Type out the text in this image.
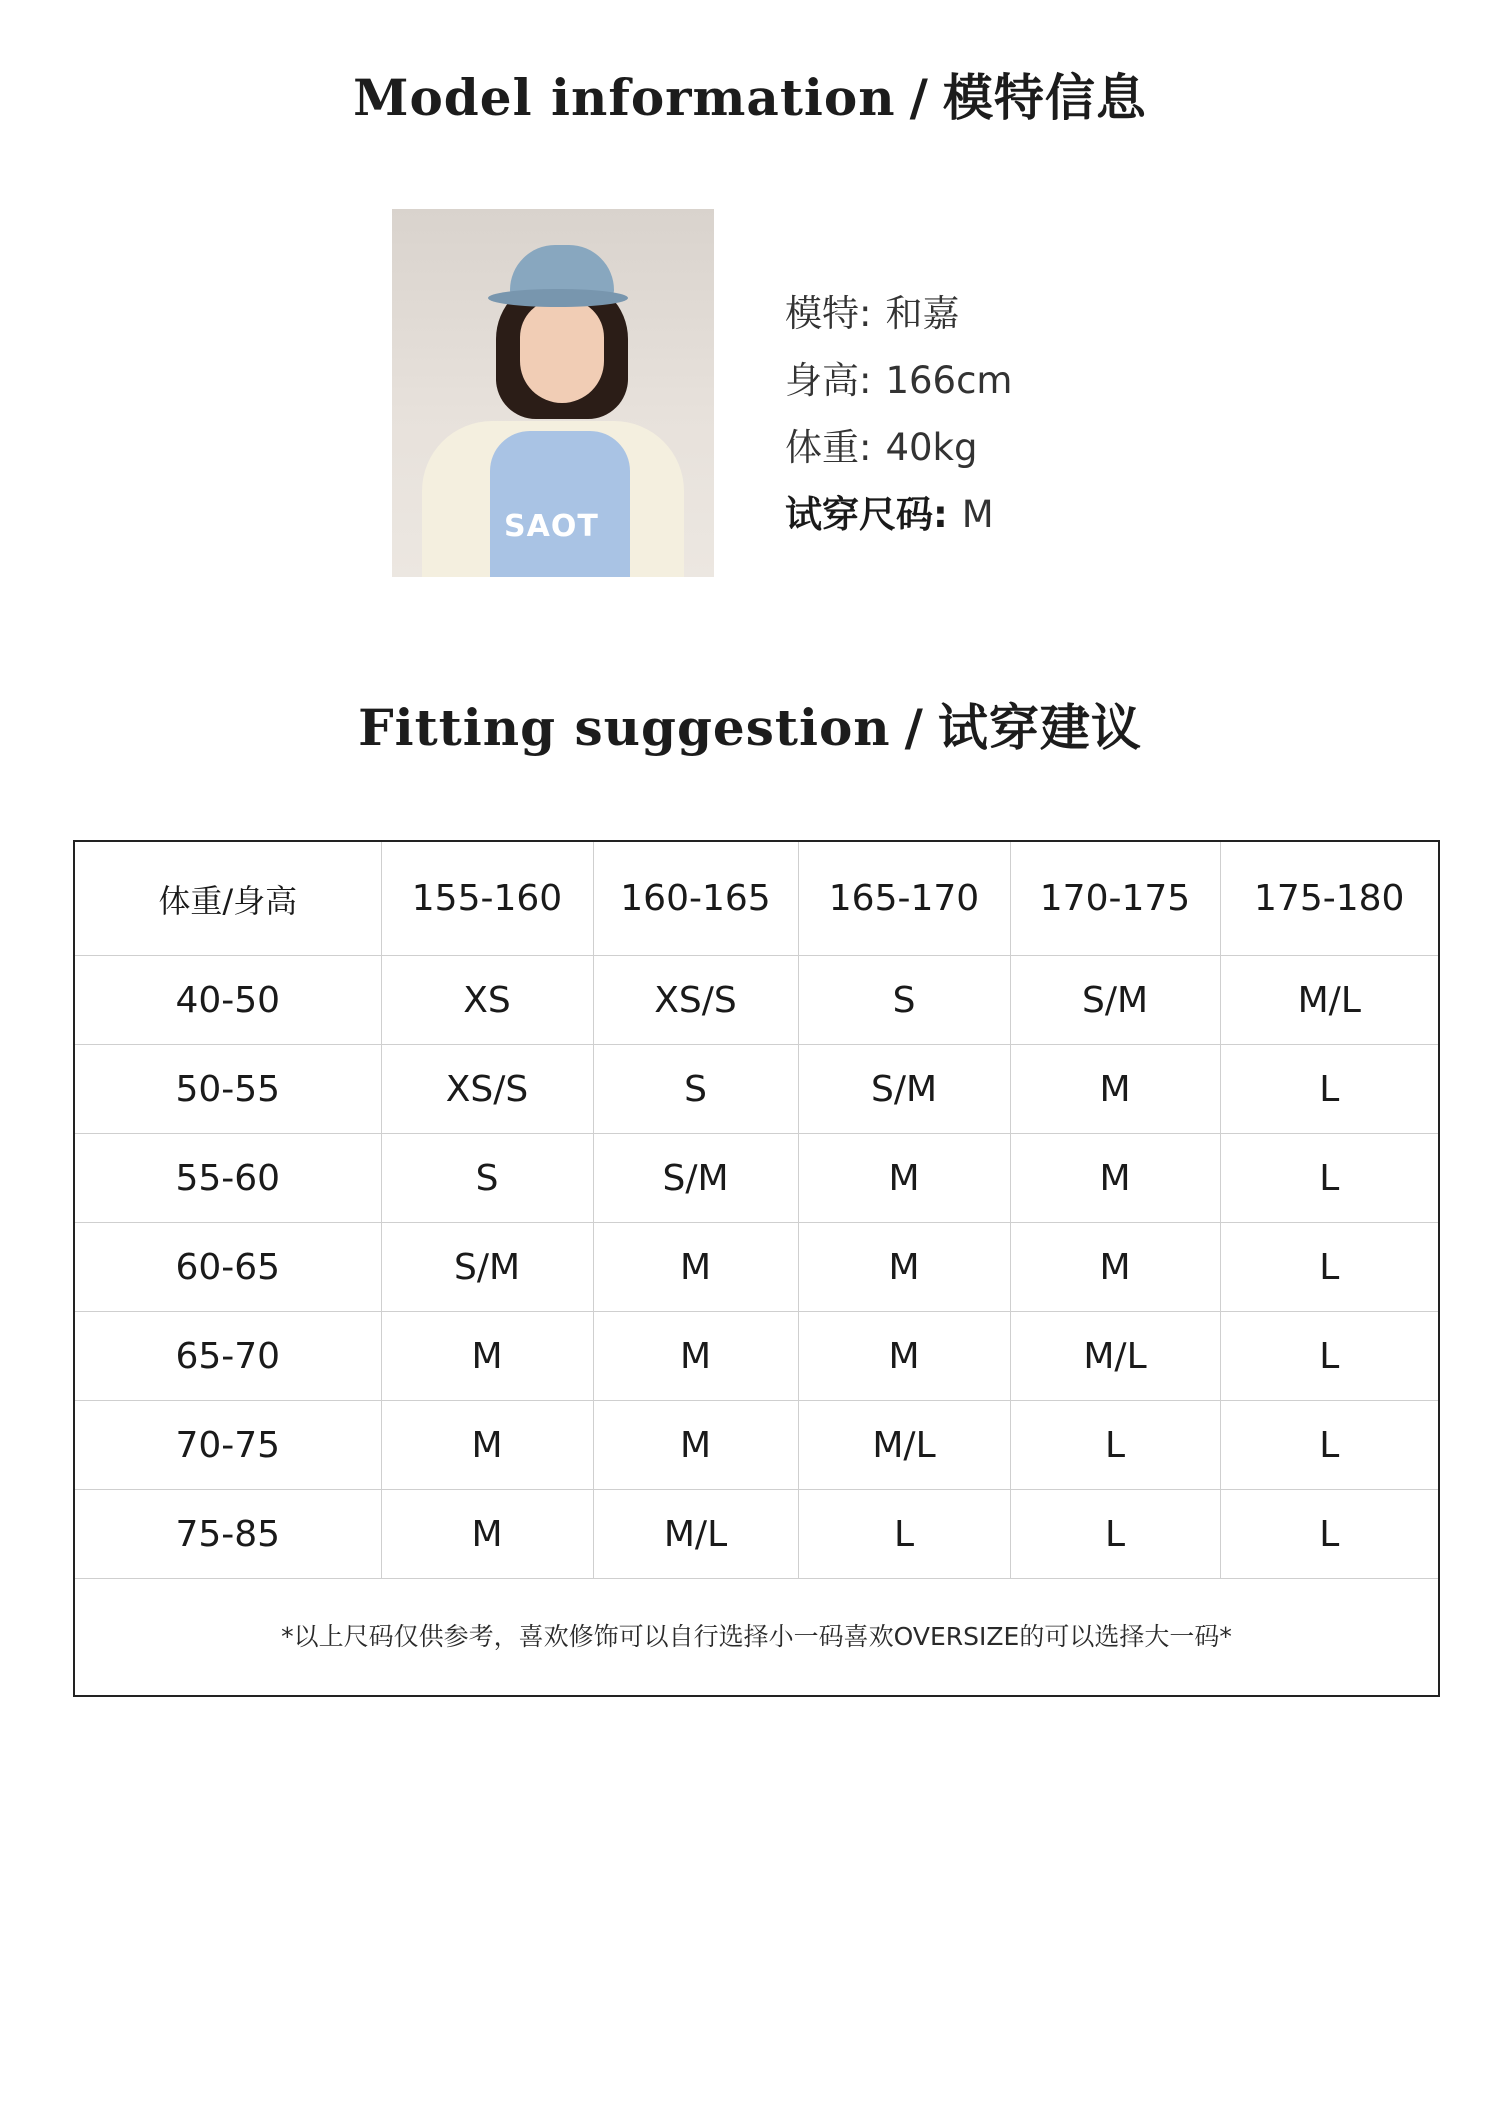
Model information / 模特信息
SAOT
模特: 和嘉
身高: 166cm
体重: 40kg
试穿尺码: M
Fitting suggestion / 试穿建议
体重/身高	155-160	160-165	165-170	170-175	175-180
40-50	XS	XS/S	S	S/M	M/L
50-55	XS/S	S	S/M	M	L
55-60	S	S/M	M	M	L
60-65	S/M	M	M	M	L
65-70	M	M	M	M/L	L
70-75	M	M	M/L	L	L
75-85	M	M/L	L	L	L
*以上尺码仅供参考，喜欢修饰可以自行选择小一码喜欢OVERSIZE的可以选择大一码*
